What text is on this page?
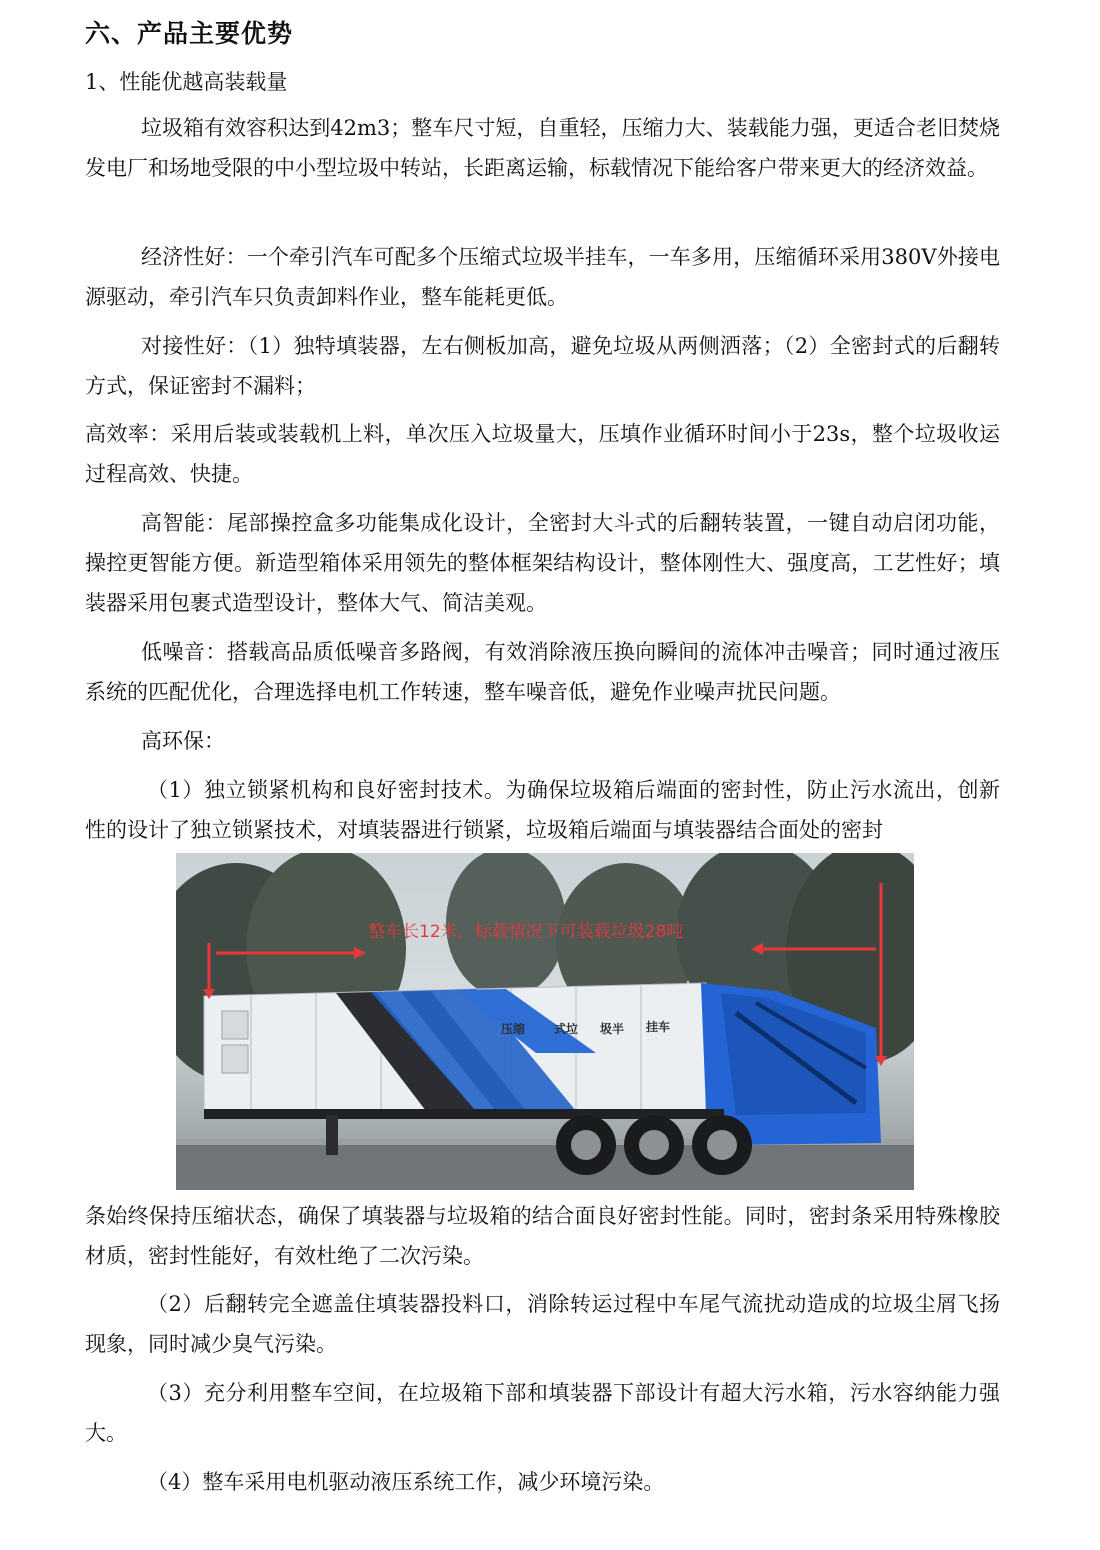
六、产品主要优势
1、性能优越高装载量
垃圾箱有效容积达到42m3；整车尺寸短，自重轻，压缩力大、装载能力强，更适合老旧焚烧发电厂和场地受限的中小型垃圾中转站，长距离运输，标载情况下能给客户带来更大的经济效益。
经济性好：一个牵引汽车可配多个压缩式垃圾半挂车，一车多用，压缩循环采用380V外接电源驱动，牵引汽车只负责卸料作业，整车能耗更低。
对接性好：（1）独特填装器，左右侧板加高，避免垃圾从两侧洒落；（2）全密封式的后翻转方式，保证密封不漏料；
高效率：采用后装或装载机上料，单次压入垃圾量大，压填作业循环时间小于23s，整个垃圾收运过程高效、快捷。
高智能：尾部操控盒多功能集成化设计，全密封大斗式的后翻转装置，一键自动启闭功能，操控更智能方便。新造型箱体采用领先的整体框架结构设计，整体刚性大、强度高，工艺性好；填装器采用包裹式造型设计，整体大气、简洁美观。
低噪音：搭载高品质低噪音多路阀，有效消除液压换向瞬间的流体冲击噪音；同时通过液压系统的匹配优化，合理选择电机工作转速，整车噪音低，避免作业噪声扰民问题。
高环保：
（1）独立锁紧机构和良好密封技术。为确保垃圾箱后端面的密封性，防止污水流出，创新性的设计了独立锁紧技术，对填装器进行锁紧，垃圾箱后端面与填装器结合面处的密封
压缩 式垃 圾半 挂车
整车长12米，标载情况下可装载垃圾28吨
条始终保持压缩状态，确保了填装器与垃圾箱的结合面良好密封性能。同时，密封条采用特殊橡胶材质，密封性能好，有效杜绝了二次污染。
（2）后翻转完全遮盖住填装器投料口，消除转运过程中车尾气流扰动造成的垃圾尘屑飞扬现象，同时减少臭气污染。
（3）充分利用整车空间，在垃圾箱下部和填装器下部设计有超大污水箱，污水容纳能力强大。
（4）整车采用电机驱动液压系统工作，减少环境污染。
